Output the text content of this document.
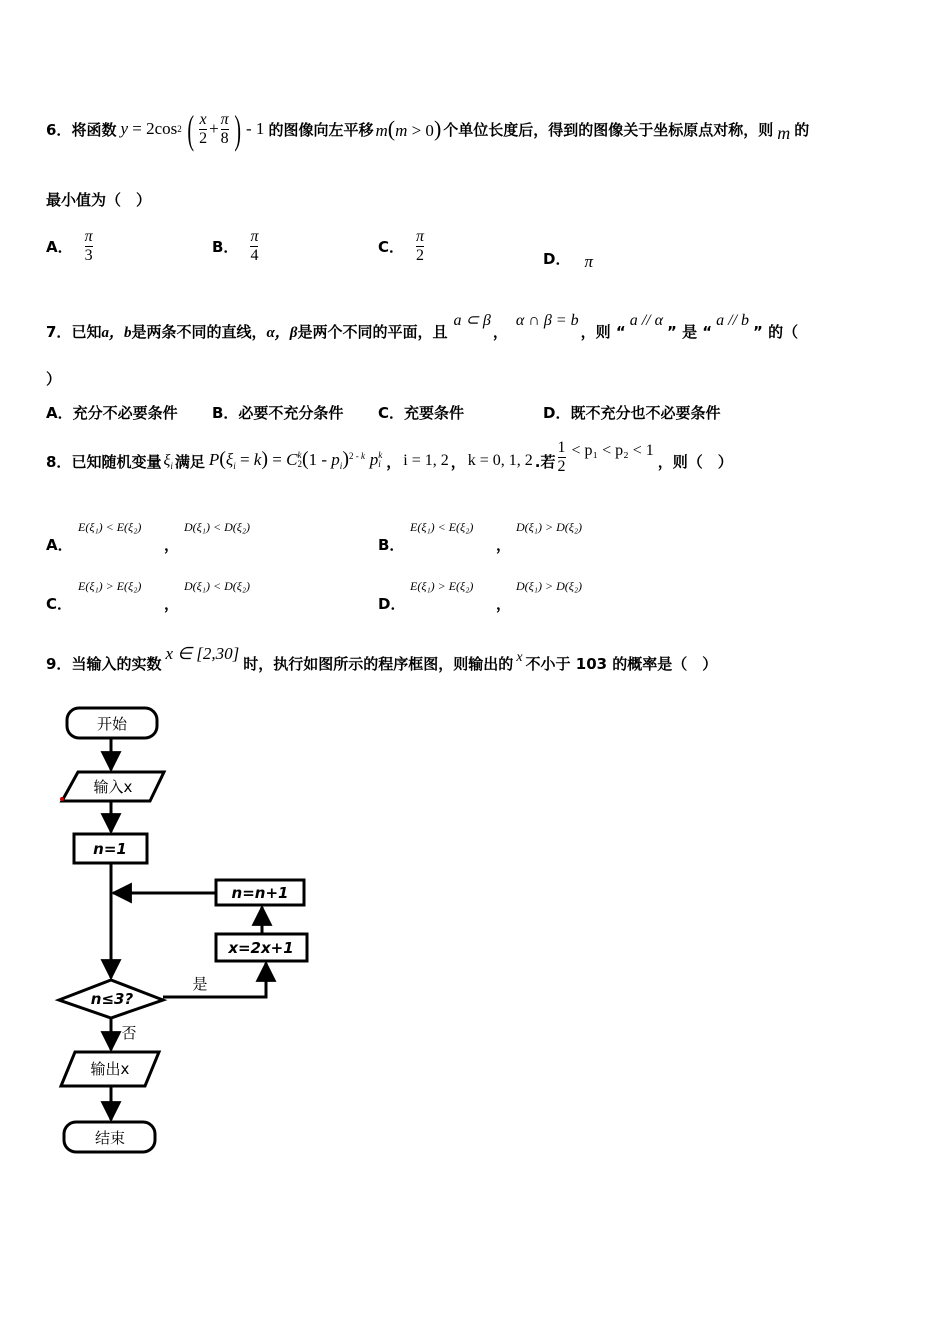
6． 将函数 y = 2cos 2 ( $\frac{x}{2} + \frac{\pi}{8}$ ) - 1 的图像向左平移 m(m > 0) 个单位长度后，得到的图像关于坐标原点对称，则 m 的
最小值为（　）
A． $\frac{\pi}{3}$	B． $\frac{\pi}{4}$	C． $\frac{\pi}{2}$	D． π
7． 已知 a，b 是两条不同的直线， α，β 是两个不同的平面，且
a ⊂ β
，
α ∩ β = b
，则 “
a // α
” 是 “
a // b
” 的（
）
A．充分不必要条件 B．必要不充分条件 C．充要条件	D．既不充分也不必要条件
8． 已知随机变量 $\xi_i$ 满足 $P(\xi_i = k) = C$ k
2 $(1 - p_i)^{2 - k}$ p k
i ， i = 1, 2 ， k = 0, 1, 2 .若 $\frac{1}{2} < p_1 < p_2 < 1$
，则（　）
A．
E(ξ₁) < E(ξ₂)
，
D(ξ₁) < D(ξ₂)
B．
E(ξ₁) < E(ξ₂)
，
D(ξ₁) > D(ξ₂)
C．
E(ξ₁) > E(ξ₂)
，
D(ξ₁) < D(ξ₂)
D．
E(ξ₁) > E(ξ₂)
，
D(ξ₁) > D(ξ₂)
9． 当输入的实数
x ∈ [2,30]
时，执行如图所示的程序框图，则输出的 x 不小于 103 的概率是（　）
开始
输入x
n=1
n=n+1
x=2x+1
n≤3?
是
否
输出x
结束
